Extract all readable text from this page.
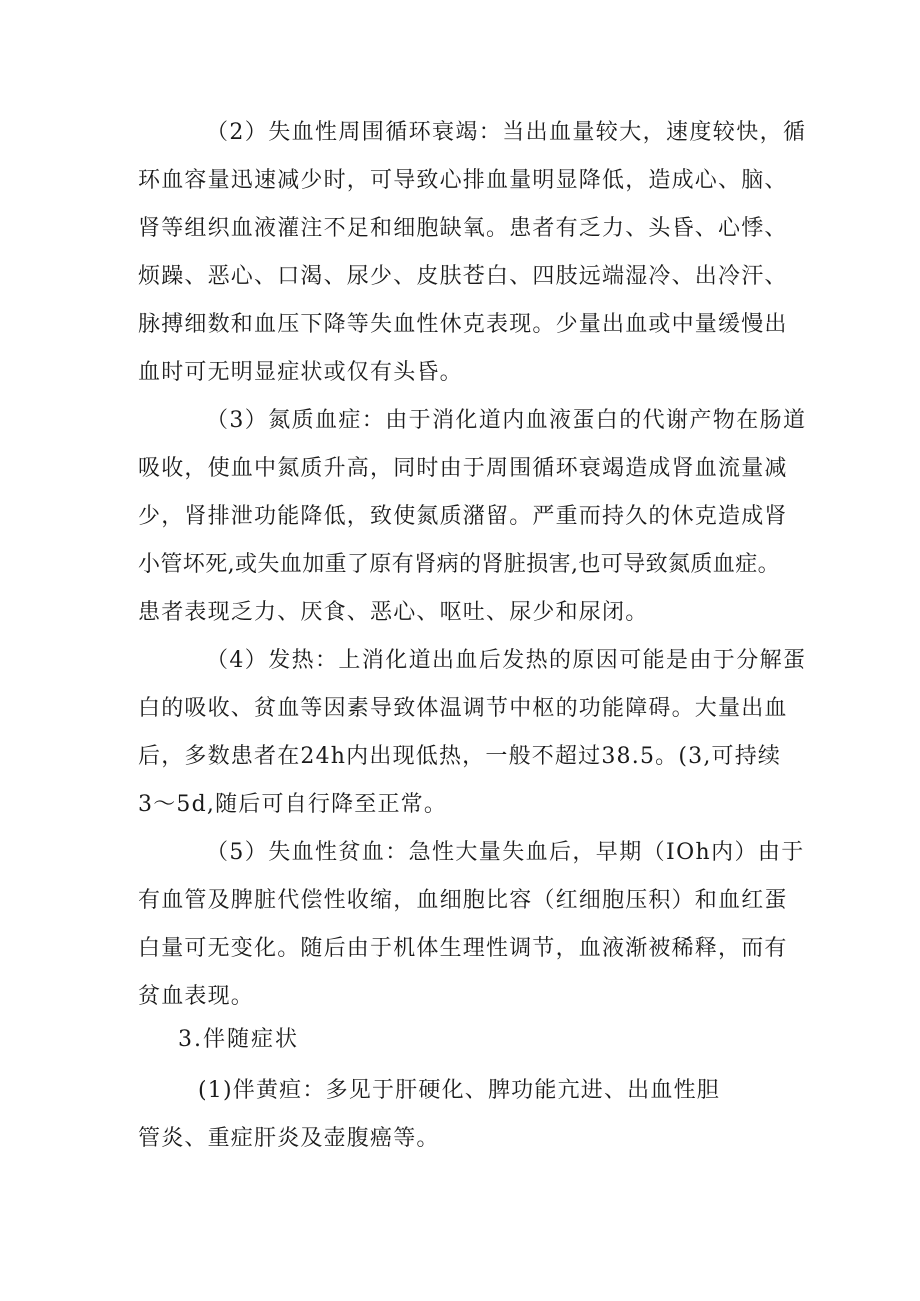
（2）失血性周围循环衰竭：当出血量较大，速度较快，循
环血容量迅速减少时，可导致心排血量明显降低，造成心、脑、
肾等组织血液灌注不足和细胞缺氧。患者有乏力、头昏、心悸、
烦躁、恶心、口渴、尿少、皮肤苍白、四肢远端湿冷、出冷汗、
脉搏细数和血压下降等失血性休克表现。少量出血或中量缓慢出
血时可无明显症状或仅有头昏。
（3）氮质血症：由于消化道内血液蛋白的代谢产物在肠道
吸收，使血中氮质升高，同时由于周围循环衰竭造成肾血流量减
少，肾排泄功能降低，致使氮质潴留。严重而持久的休克造成肾
小管坏死,或失血加重了原有肾病的肾脏损害,也可导致氮质血症。
患者表现乏力、厌食、恶心、呕吐、尿少和尿闭。
（4）发热：上消化道出血后发热的原因可能是由于分解蛋
白的吸收、贫血等因素导致体温调节中枢的功能障碍。大量出血
后，多数患者在24h内出现低热，一般不超过38.5。(3,可持续
3～5d,随后可自行降至正常。
（5）失血性贫血：急性大量失血后，早期（IOh内）由于
有血管及脾脏代偿性收缩，血细胞比容（红细胞压积）和血红蛋
白量可无变化。随后由于机体生理性调节，血液渐被稀释，而有
贫血表现。
3.伴随症状
(1)伴黄疸：多见于肝硬化、脾功能亢进、出血性胆
管炎、重症肝炎及壶腹癌等。
